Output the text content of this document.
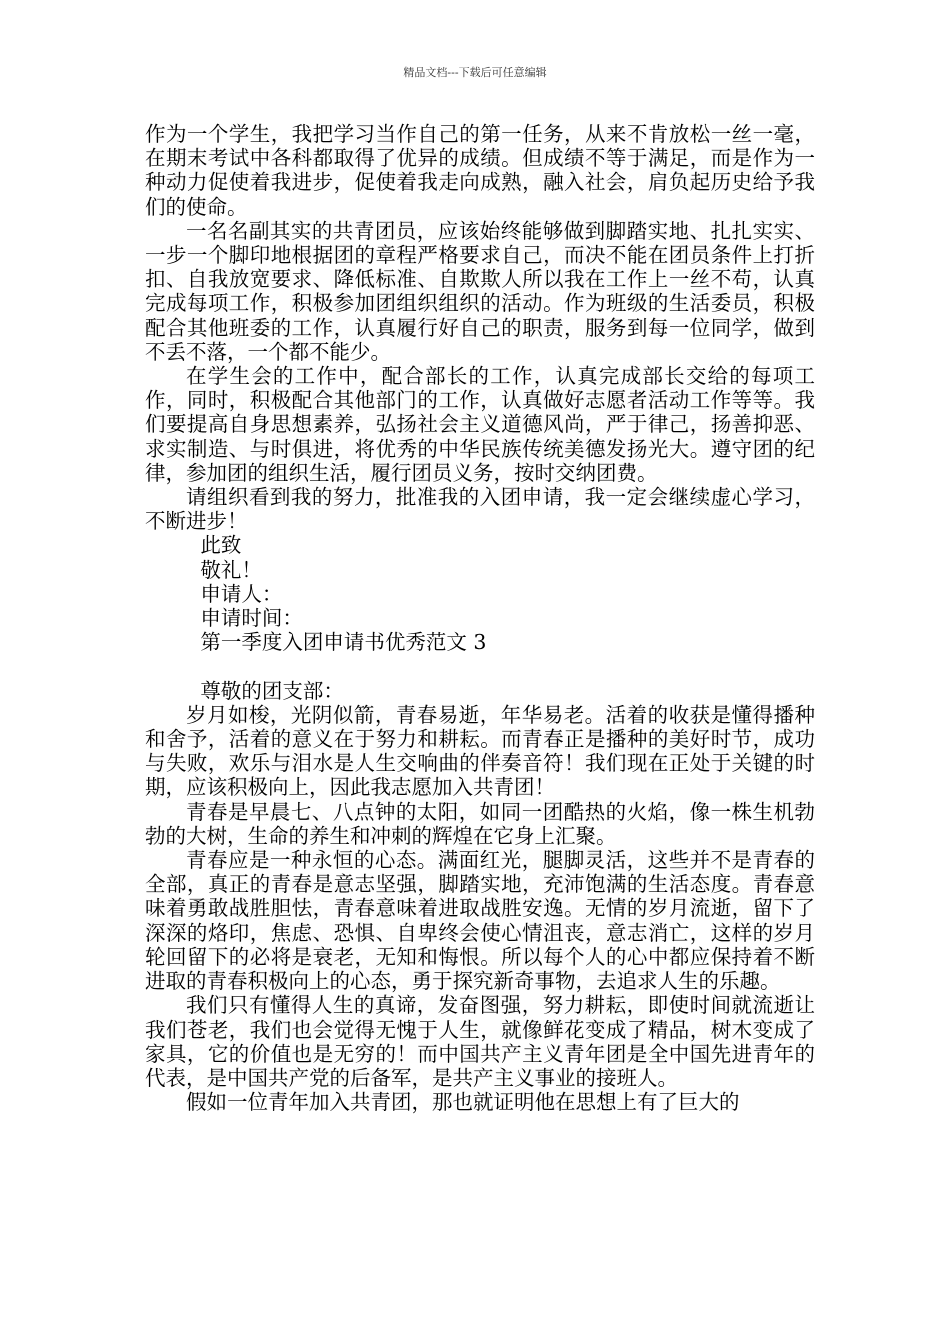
精品文档---下载后可任意编辑

作为一个学生，我把学习当作自己的第一任务，从来不肯放松一丝一毫，在期末考试中各科都取得了优异的成绩。但成绩不等于满足，而是作为一种动力促使着我进步，促使着我走向成熟，融入社会，肩负起历史给予我们的使命。

一名名副其实的共青团员，应该始终能够做到脚踏实地、扎扎实实、一步一个脚印地根据团的章程严格要求自己，而决不能在团员条件上打折扣、自我放宽要求、降低标准、自欺欺人所以我在工作上一丝不苟，认真完成每项工作，积极参加团组织组织的活动。作为班级的生活委员，积极配合其他班委的工作，认真履行好自己的职责，服务到每一位同学，做到不丢不落，一个都不能少。

在学生会的工作中，配合部长的工作，认真完成部长交给的每项工作，同时，积极配合其他部门的工作，认真做好志愿者活动工作等等。我们要提高自身思想素养，弘扬社会主义道德风尚，严于律己，扬善抑恶、求实制造、与时俱进，将优秀的中华民族传统美德发扬光大。遵守团的纪律，参加团的组织生活，履行团员义务，按时交纳团费。

请组织看到我的努力，批准我的入团申请，我一定会继续虚心学习，不断进步！

此致

敬礼！

申请人：

申请时间：

第一季度入团申请书优秀范文 3

尊敬的团支部：

岁月如梭，光阴似箭，青春易逝，年华易老。活着的收获是懂得播种和舍予，活着的意义在于努力和耕耘。而青春正是播种的美好时节，成功与失败，欢乐与泪水是人生交响曲的伴奏音符！我们现在正处于关键的时期，应该积极向上，因此我志愿加入共青团！

青春是早晨七、八点钟的太阳，如同一团酷热的火焰，像一株生机勃勃的大树，生命的养生和冲刺的辉煌在它身上汇聚。

青春应是一种永恒的心态。满面红光，腿脚灵活，这些并不是青春的全部，真正的青春是意志坚强，脚踏实地，充沛饱满的生活态度。青春意味着勇敢战胜胆怯，青春意味着进取战胜安逸。无情的岁月流逝，留下了深深的烙印，焦虑、恐惧、自卑终会使心情沮丧，意志消亡，这样的岁月轮回留下的必将是衰老，无知和悔恨。所以每个人的心中都应保持着不断进取的青春积极向上的心态，勇于探究新奇事物，去追求人生的乐趣。

我们只有懂得人生的真谛，发奋图强，努力耕耘，即使时间就流逝让我们苍老，我们也会觉得无愧于人生，就像鲜花变成了精品，树木变成了家具，它的价值也是无穷的！而中国共产主义青年团是全中国先进青年的代表，是中国共产党的后备军，是共产主义事业的接班人。

假如一位青年加入共青团，那也就证明他在思想上有了巨大的
